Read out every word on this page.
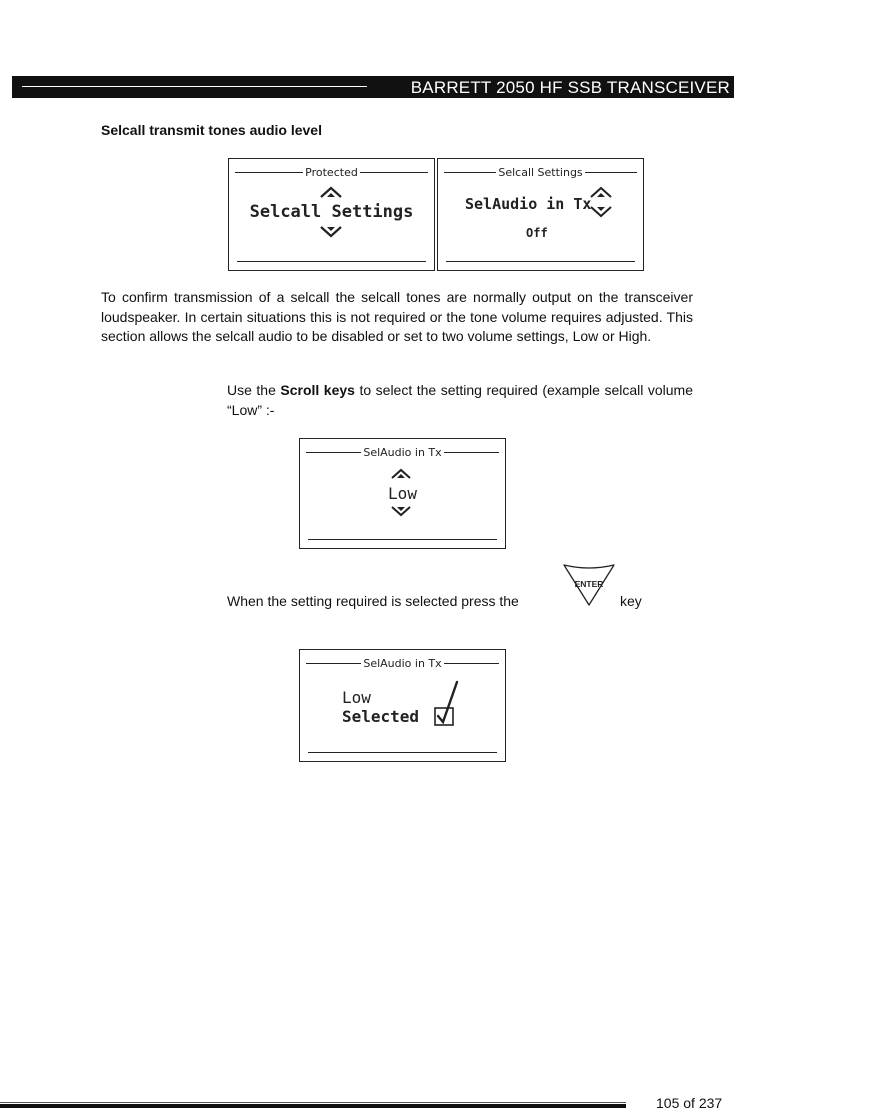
BARRETT 2050 HF SSB TRANSCEIVER
Selcall transmit tones audio level
Protected
Selcall Settings
Selcall Settings
SelAudio in Tx
Off
To confirm transmission of a selcall the selcall tones are normally output on the transceiver loudspeaker. In certain situations this is not required or the tone volume requires adjusted. This section allows the selcall audio to be disabled or set to two volume settings, Low or High.
Use the Scroll keys to select the setting required (example selcall volume “Low” :-
SelAudio in Tx
Low
When the setting required is selected press the
ENTER
key
SelAudio in Tx
Low
Selected
105 of 237
